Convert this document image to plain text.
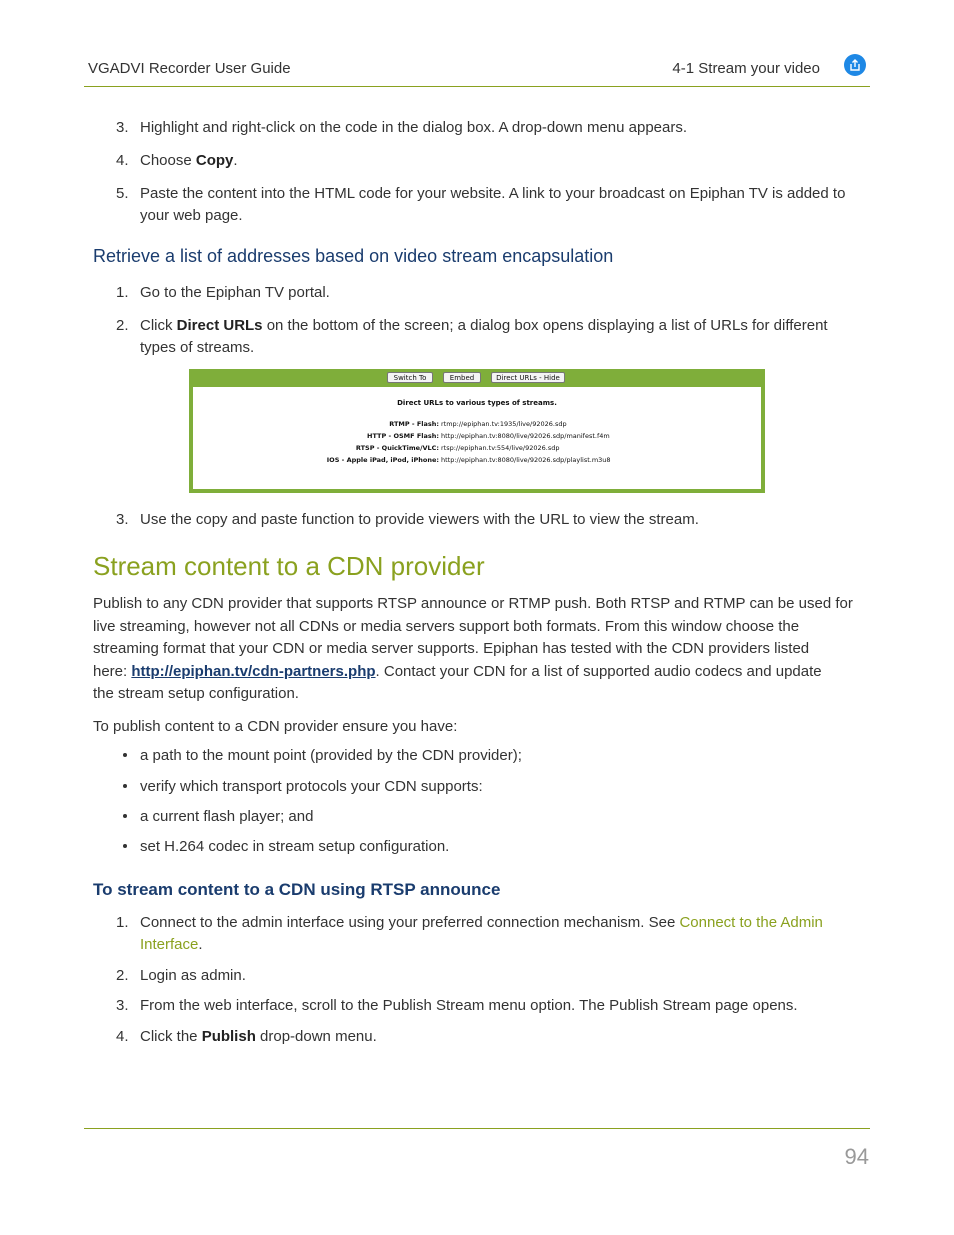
VGADVI Recorder User Guide	4-1 Stream your video
3. Highlight and right-click on the code in the dialog box. A drop-down menu appears.
4. Choose Copy.
5. Paste the content into the HTML code for your website. A link to your broadcast on Epiphan TV is added to your web page.
Retrieve a list of addresses based on video stream encapsulation
1. Go to the Epiphan TV portal.
2. Click Direct URLs on the bottom of the screen; a dialog box opens displaying a list of URLs for different types of streams.
3. Use the copy and paste function to provide viewers with the URL to view the stream.
Stream content to a CDN provider
Publish to any CDN provider that supports RTSP announce or RTMP push. Both RTSP and RTMP can be used for
live streaming, however not all CDNs or media servers support both formats. From this window choose the
streaming format that your CDN or media server supports. Epiphan has tested with the CDN providers listed
here: http://epiphan.tv/cdn-partners.php. Contact your CDN for a list of supported audio codecs and update
the stream setup configuration.
To publish content to a CDN provider ensure you have:
a path to the mount point (provided by the CDN provider);
verify which transport protocols your CDN supports:
a current flash player; and
set H.264 codec in stream setup configuration.
To stream content to a CDN using RTSP announce
1. Connect to the admin interface using your preferred connection mechanism. See Connect to the Admin
Interface.
2. Login as admin.
3. From the web interface, scroll to the Publish Stream menu option. The Publish Stream page opens.
4. Click the Publish drop-down menu.
Switch To	Embed	Direct URLs - Hide
Direct URLs to various types of streams.
RTMP - Flash: rtmp://epiphan.tv:1935/live/92026.sdp
HTTP - OSMF Flash: http://epiphan.tv:8080/live/92026.sdp/manifest.f4m
RTSP - QuickTime/VLC: rtsp://epiphan.tv:554/live/92026.sdp
IOS - Apple iPad, iPod, iPhone: http://epiphan.tv:8080/live/92026.sdp/playlist.m3u8
94
